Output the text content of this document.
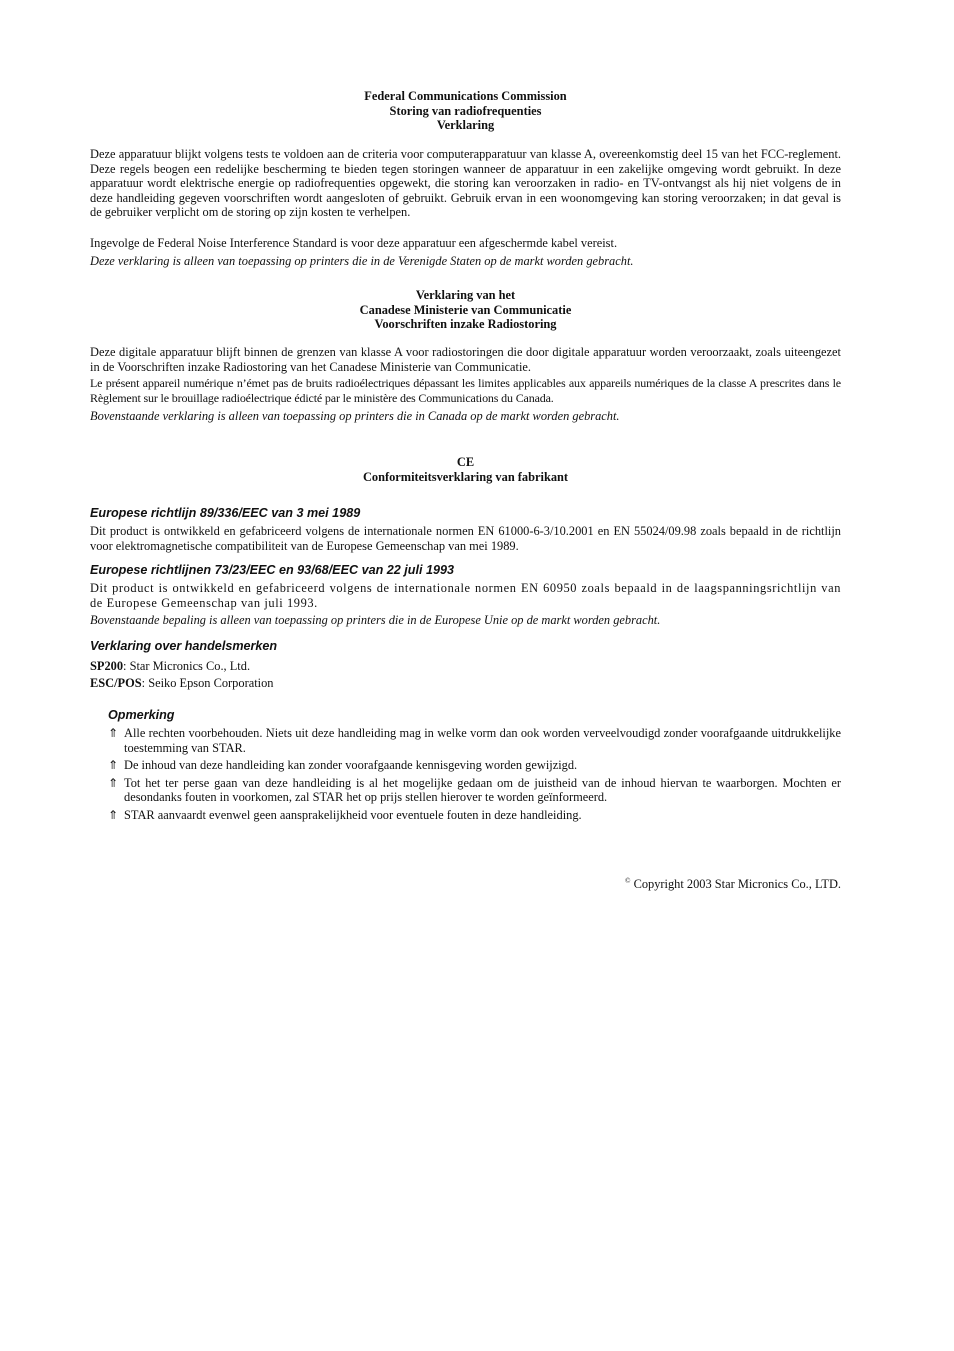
Federal Communications Commission
Storing van radiofrequenties
Verklaring

Deze apparatuur blijkt volgens tests te voldoen aan de criteria voor computerapparatuur van klasse A, overeenkomstig deel 15 van het FCC-reglement. Deze regels beogen een redelijke bescherming te bieden tegen storingen wanneer de apparatuur in een zakelijke omgeving wordt gebruikt. In deze apparatuur wordt elektrische energie op radiofrequenties opgewekt, die storing kan veroorzaken in radio- en TV-ontvangst als hij niet volgens de in deze handleiding gegeven voorschriften wordt aangesloten of gebruikt. Gebruik ervan in een woonomgeving kan storing veroorzaken; in dat geval is de gebruiker verplicht om de storing op zijn kosten te verhelpen.

Ingevolge de Federal Noise Interference Standard is voor deze apparatuur een afgeschermde kabel vereist.

Deze verklaring is alleen van toepassing op printers die in de Verenigde Staten op de markt worden gebracht.

Verklaring van het
Canadese Ministerie van Communicatie
Voorschriften inzake Radiostoring

Deze digitale apparatuur blijft binnen de grenzen van klasse A voor radiostoringen die door digitale apparatuur worden veroorzaakt, zoals uiteengezet in de Voorschriften inzake Radiostoring van het Canadese Ministerie van Communicatie.

Le présent appareil numérique n’émet pas de bruits radioélectriques dépassant les limites applicables aux appareils numériques de la classe A prescrites dans le Règlement sur le brouillage radioélectrique édicté par le ministère des Communications du Canada.

Bovenstaande verklaring is alleen van toepassing op printers die in Canada op de markt worden gebracht.

CE
Conformiteitsverklaring van fabrikant

Europese richtlijn 89/336/EEC van 3 mei 1989

Dit product is ontwikkeld en gefabriceerd volgens de internationale normen EN 61000-6-3/10.2001 en EN 55024/09.98 zoals bepaald in de richtlijn voor elektromagnetische compatibiliteit van de Europese Gemeenschap van mei 1989.

Europese richtlijnen 73/23/EEC en 93/68/EEC van 22 juli 1993

Dit product is ontwikkeld en gefabriceerd volgens de internationale normen EN 60950 zoals bepaald in de laagspanningsrichtlijn van de Europese Gemeenschap van juli 1993.

Bovenstaande bepaling is alleen van toepassing op printers die in de Europese Unie op de markt worden gebracht.

Verklaring over handelsmerken

SP200: Star Micronics Co., Ltd.

ESC/POS: Seiko Epson Corporation

Opmerking

⇑ Alle rechten voorbehouden. Niets uit deze handleiding mag in welke vorm dan ook worden verveelvoudigd zonder voorafgaande uitdrukkelijke toestemming van STAR.
⇑ De inhoud van deze handleiding kan zonder voorafgaande kennisgeving worden gewijzigd.
⇑ Tot het ter perse gaan van deze handleiding is al het mogelijke gedaan om de juistheid van de inhoud hiervan te waarborgen. Mochten er desondanks fouten in voorkomen, zal STAR het op prijs stellen hierover te worden geïnformeerd.
⇑ STAR aanvaardt evenwel geen aansprakelijkheid voor eventuele fouten in deze handleiding.
© Copyright 2003 Star Micronics Co., LTD.
